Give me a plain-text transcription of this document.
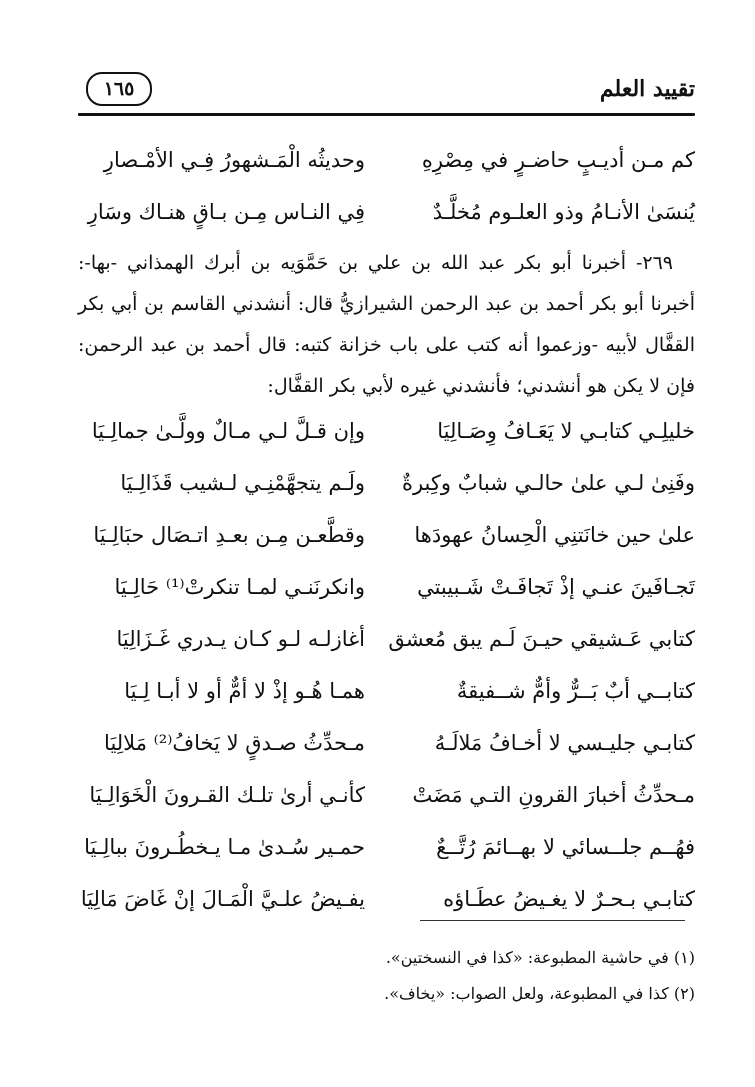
تقييد العلم
١٦٥
كم مـن أديـبٍ حاضـرٍ في مِصْرِهِ
وحديثُه الْمَـشهورُ فِـي الأمْـصارِ
يُنسَىٰ الأنـامُ وذو العلـوم مُخلَّـدٌ
فِي النـاس مِـن بـاقٍ هنـاك وسَارِ

٢٦٩- أخبرنا أبو بكر عبد الله بن علي بن حَمَّوَيه بن أبرك الهمذاني -بها-: أخبرنا أبو بكر أحمد بن عبد الرحمن الشيرازيُّ قال: أنشدني القاسم بن أبي بكر القفَّال لأبيه -وزعموا أنه كتب على باب خزانة كتبه: قال أحمد بن عبد الرحمن: فإن لا يكن هو أنشدني؛ فأنشدني غيره لأبي بكر القفَّال:

خليلِـي كتابـي لا يَعَـافُ وِصَـالِيَا
وإن قـلَّ لـي مـالٌ وولَّـىٰ جمالِـيَا
وفَنِىٰ لـي علىٰ حالـي شبابٌ وكِبرةٌ
ولَـم يتجهَّمْنِـي لـشيب قَذَالِـيَا
علىٰ حين خانَتنِي الْحِسانُ عهودَها
وقطَّعـن مِـن بعـدِ اتـصَال حبَالِـيَا
تَجـافَينَ عنـي إذْ تَجافَـتْ شَـبيبتي
وانكرنَنـي لمـا تنكرتْ⁽¹⁾ حَالِـيَا
كتابي عَـشيقي حيـنَ لَـم يبق مُعشق
أغازلـه لـو كـان يـدري غَـزَالِيَا
كتابــي أبٌ بَــرٌّ وأمٌّ شــفيقةٌ
همـا هُـو إذْ لا أمٌّ أو لا أبـا لِـيَا
كتابـي جليـسي لا أخـافُ مَلالَـهُ
مـحدِّثُ صـدقٍ لا يَخافُ⁽²⁾ مَلالِيَا
مـحدِّثُ أخبارَ القرونِ التـي مَضَتْ
كأنـي أرىٰ تلـك القـرونَ الْخَوَالِـيَا
فهُــم جلــسائي لا بهــائمَ رُتَّــعٌ
حمـير سُـدىٰ مـا يـخطُـرونَ ببالِـيَا
كتابـي بـحـرٌ لا يغـيضُ عطَـاؤه
يفـيضُ علـيَّ الْمَـالَ إنْ غَاضَ مَالِيَا
(١) في حاشية المطبوعة: «كذا في النسختين».
(٢) كذا في المطبوعة، ولعل الصواب: «يخاف».
